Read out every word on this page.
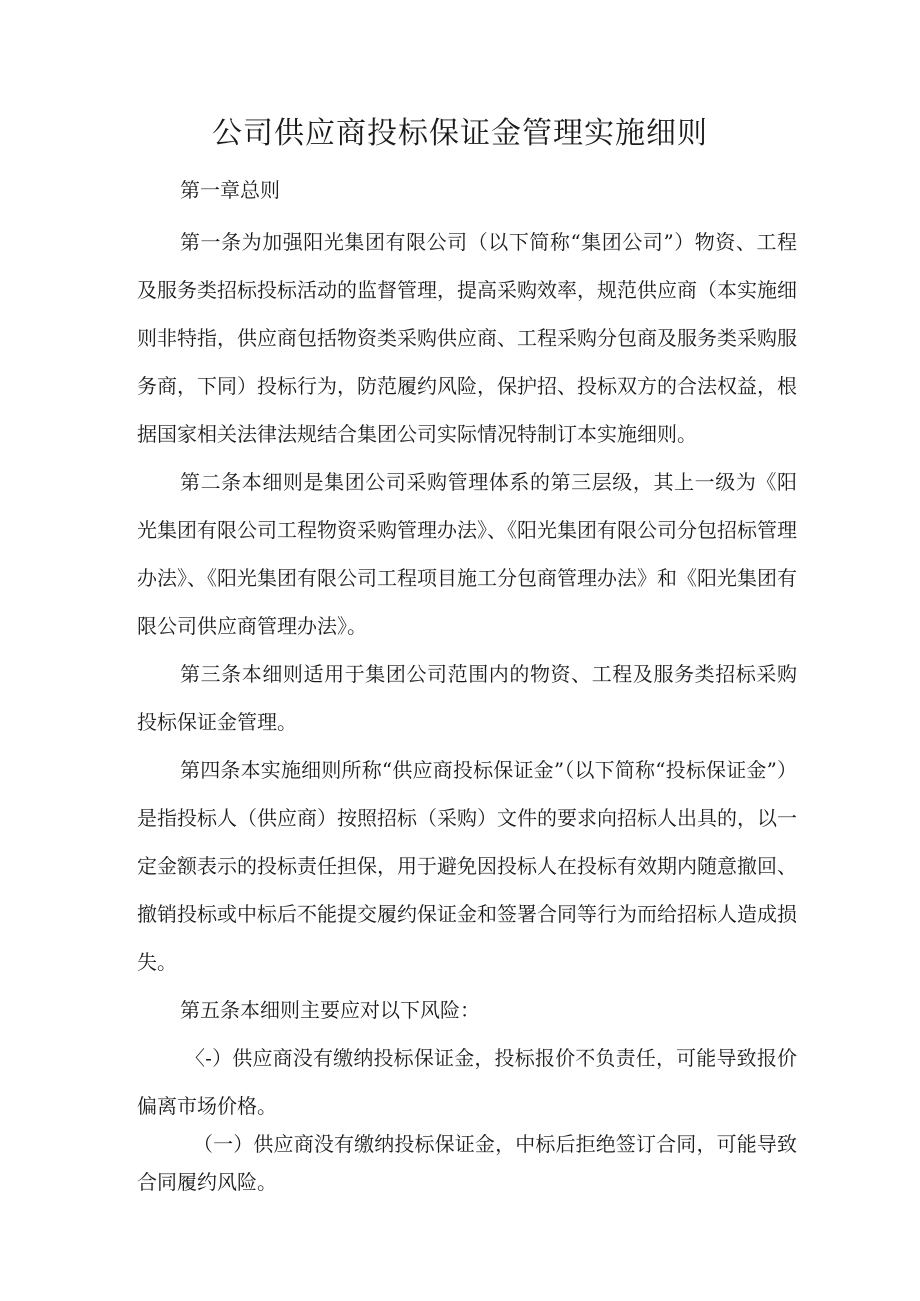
公司供应商投标保证金管理实施细则

第一章总则

第一条为加强阳光集团有限公司（以下简称“集团公司”）物资、工程及服务类招标投标活动的监督管理，提高采购效率，规范供应商（本实施细则非特指，供应商包括物资类采购供应商、工程采购分包商及服务类采购服务商，下同）投标行为，防范履约风险，保护招、投标双方的合法权益，根据国家相关法律法规结合集团公司实际情况特制订本实施细则。

第二条本细则是集团公司采购管理体系的第三层级，其上一级为《阳光集团有限公司工程物资采购管理办法》、《阳光集团有限公司分包招标管理办法》、《阳光集团有限公司工程项目施工分包商管理办法》和《阳光集团有限公司供应商管理办法》。

第三条本细则适用于集团公司范围内的物资、工程及服务类招标采购投标保证金管理。

第四条本实施细则所称“供应商投标保证金”（以下简称“投标保证金”）是指投标人（供应商）按照招标（采购）文件的要求向招标人出具的，以一定金额表示的投标责任担保，用于避免因投标人在投标有效期内随意撤回、撤销投标或中标后不能提交履约保证金和签署合同等行为而给招标人造成损失。

第五条本细则主要应对以下风险：

〈-）供应商没有缴纳投标保证金，投标报价不负责任，可能导致报价偏离市场价格。

（一）供应商没有缴纳投标保证金，中标后拒绝签订合同，可能导致合同履约风险。
